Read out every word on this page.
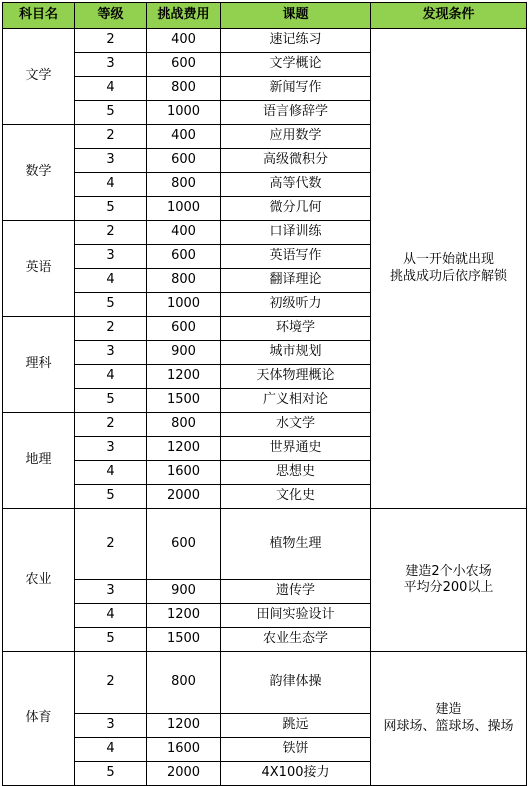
科目名	等级	挑战费用	课题	发现条件
文学	2	400	速记练习	从一开始就出现
挑战成功后依序解锁
	3	600	文学概论	
	4	800	新闻写作	
	5	1000	语言修辞学	
数学	2	400	应用数学	
	3	600	高级微积分	
	4	800	高等代数	
	5	1000	微分几何	
英语	2	400	口译训练	
	3	600	英语写作	
	4	800	翻译理论	
	5	1000	初级听力	
理科	2	600	环境学	
	3	900	城市规划	
	4	1200	天体物理概论	
	5	1500	广义相对论	
地理	2	800	水文学	
	3	1200	世界通史	
	4	1600	思想史	
	5	2000	文化史	
农业	2	600	植物生理	建造2个小农场
平均分200以上
	3	900	遗传学	
	4	1200	田间实验设计	
	5	1500	农业生态学	
体育	2	800	韵律体操	建造
网球场、篮球场、操场
	3	1200	跳远	
	4	1600	铁饼	
	5	2000	4X100接力	
